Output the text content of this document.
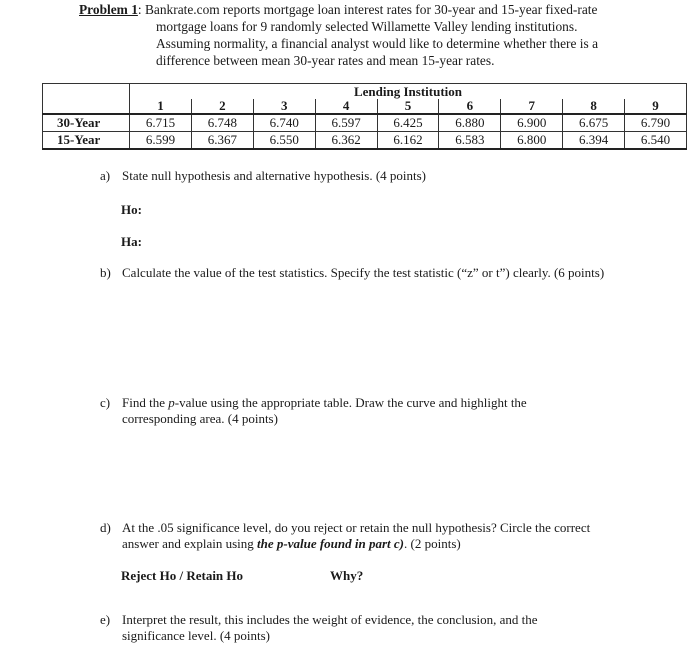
Problem 1 : Bankrate.com reports mortgage loan interest rates for 30-year and 15-year fixed-rate
mortgage loans for 9 randomly selected Willamette Valley lending institutions.
Assuming normality, a financial analyst would like to determine whether there is a
difference between mean 30-year rates and mean 15-year rates.
	Lending Institution								
	1	2	3	4	5	6	7	8	9
30-Year	6.715	6.748	6.740	6.597	6.425	6.880	6.900	6.675	6.790
15-Year	6.599	6.367	6.550	6.362	6.162	6.583	6.800	6.394	6.540
a) State null hypothesis and alternative hypothesis. (4 points)
Ho:
Ha:
b) Calculate the value of the test statistics. Specify the test statistic (“z” or t”) clearly. (6 points)
c) Find the p-value using the appropriate table. Draw the curve and highlight the
corresponding area. (4 points)
d) At the .05 significance level, do you reject or retain the null hypothesis? Circle the correct
answer and explain using the p-value found in part c). (2 points)
Reject Ho / Retain Ho	Why?
e) Interpret the result, this includes the weight of evidence, the conclusion, and the
significance level. (4 points)
